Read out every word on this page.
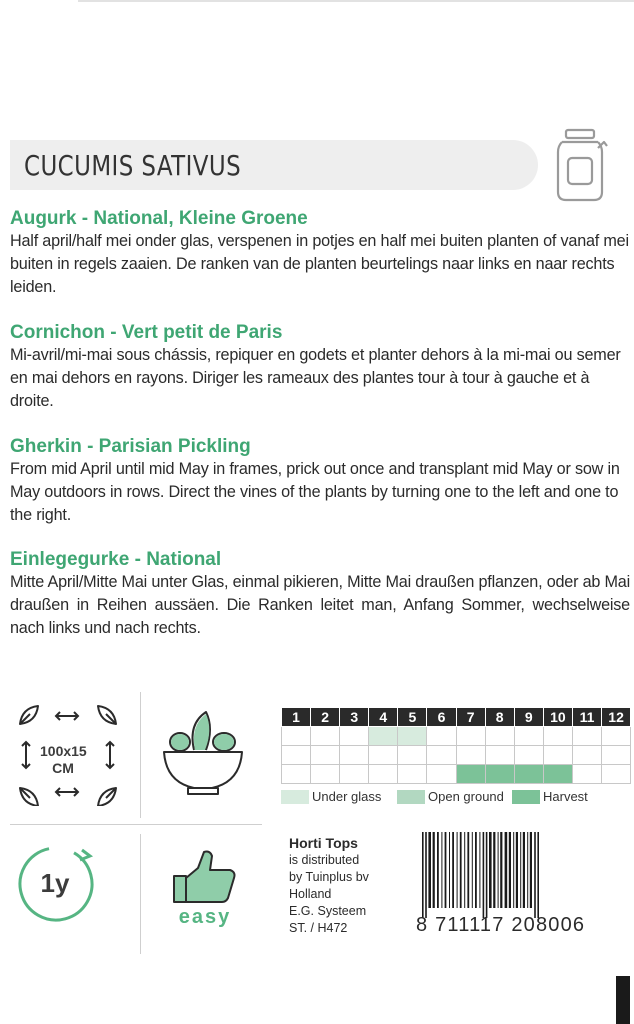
CUCUMIS SATIVUS
Augurk - National, Kleine Groene

Half april/half mei onder glas, verspenen in potjes en half mei buiten planten of vanaf mei buiten in regels zaaien. De ranken van de planten beurtelings naar links en naar rechts leiden.

Cornichon - Vert petit de Paris

Mi-avril/mi-mai sous chássis, repiquer en godets et planter dehors à la mi-mai ou semer en mai dehors en rayons. Diriger les rameaux des plantes tour à tour à gauche et à droite.

Gherkin - Parisian Pickling

From mid April until mid May in frames, prick out once and transplant mid May or sow in May outdoors in rows. Direct the vines of the plants by turning one to the left and one to the right.

Einlegegurke - National

Mitte April/Mitte Mai unter Glas, einmal pikieren, Mitte Mai draußen pflanzen, oder ab Mai draußen in Reihen aussäen. Die Ranken leitet man, Anfang Sommer, wechselweise nach links und nach rechts.

100x15
CM
1y
easy
1	2	3	4	5	6	7	8	9	10	11	12

Under glass	Open ground	Harvest
Horti Tops
is distributed
by Tuinplus bv
Holland
E.G. Systeem
ST. / H472	8 711117 208006
